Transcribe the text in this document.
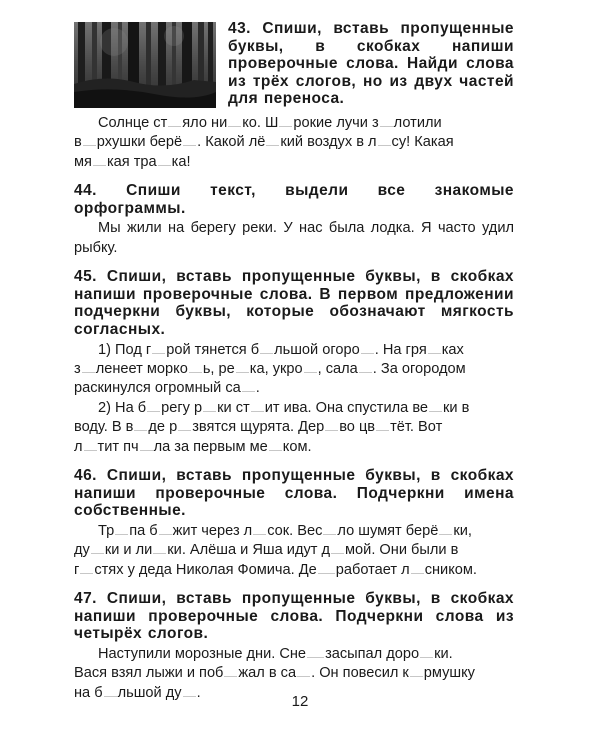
43. Спиши, вставь пропущенные буквы, в скобках напиши проверочные слова. Найди слова из трёх слогов, но из двух частей для переноса.

Солнце ст яло ни ко. Ш рокие лучи з лотили

в рхушки берё . Какой лё кий воздух в л су! Какая

мя кая тра ка!

44. Спиши текст, выдели все знакомые орфограммы.

Мы жили на берегу реки. У нас была лодка. Я часто удил рыбку.

45. Спиши, вставь пропущенные буквы, в скобках напиши проверочные слова. В первом предложении подчеркни буквы, которые обозначают мягкость согласных.

1) Под г рой тянется б льшой огоро . На гря ках

з ленеет морко ь, ре ка, укро , сала . За огородом

раскинулся огромный са .

2) На б регу р ки ст ит ива. Она спустила ве ки в

воду. В в де р звятся щурята. Дер во цв тёт. Вот

л тит пч ла за первым ме ком.

46. Спиши, вставь пропущенные буквы, в скобках напиши проверочные слова. Подчеркни имена собственные.

Тр па б жит через л сок. Вес ло шумят берё ки,

ду ки и ли ки. Алёша и Яша идут д мой. Они были в

г стях у деда Николая Фомича. Де работает л сником.

47. Спиши, вставь пропущенные буквы, в скобках напиши проверочные слова. Подчеркни слова из четырёх слогов.

Наступили морозные дни. Сне засыпал доро ки.

Вася взял лыжи и поб жал в са . Он повесил к рмушку

на б льшой ду .

12
